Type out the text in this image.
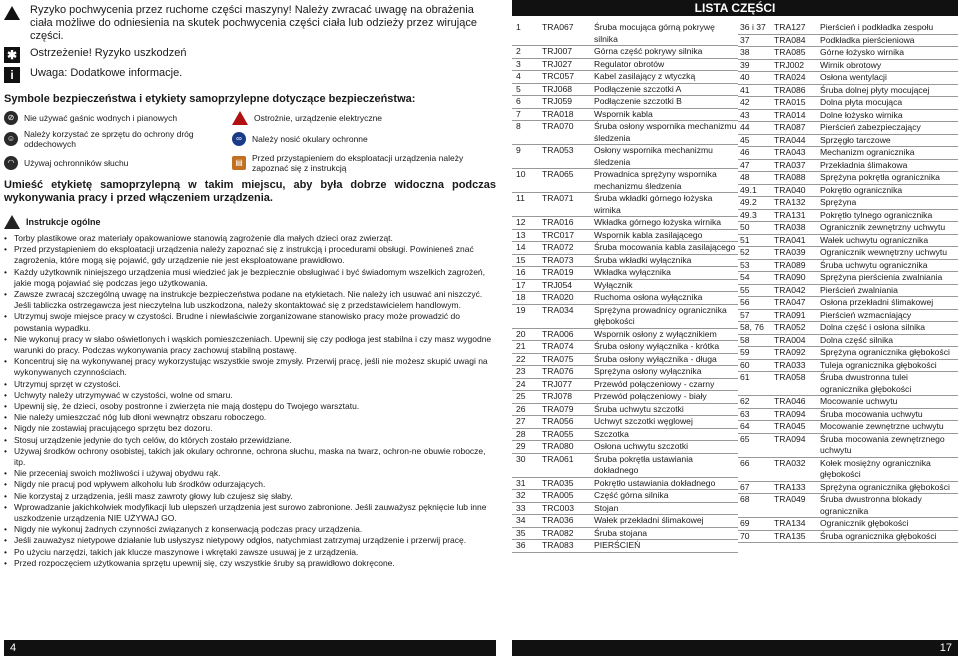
Ryzyko pochwycenia przez ruchome części maszyny! Należy zwracać uwagę na obrażenia ciała możliwe do odniesienia na skutek pochwycenia części ciała lub odzieży przez wirujące części.
✱ Ostrzeżenie! Ryzyko uszkodzeń
i	Uwaga: Dodatkowe informacje.
Symbole bezpieczeństwa i etykiety samoprzylepne dotyczące bezpieczeństwa:
⊘	Nie używać gaśnic wodnych i pianowych	Ostrożnie, urządzenie elektryczne
☺	Należy korzystać ze sprzętu do ochrony dróg oddechowych
∞	Należy nosić okulary ochronne
◠	Używaj ochronników słuchu	▤	Przed przystąpieniem do eksploatacji urządzenia należy zapoznać się z instrukcją

Umieść etykietę samoprzylepną w takim miejscu, aby była dobrze widoczna podczas wykonywania pracy i przed włączeniem urządzenia.

Instrukcje ogólne
• Torby plastikowe oraz materiały opakowaniowe stanowią zagrożenie dla małych dzieci oraz zwierząt.
• Przed przystąpieniem do eksploatacji urządzenia należy zapoznać się z instrukcją i procedurami obsługi. Powinieneś znać zagrożenia, które mogą się pojawić, gdy urządzenie nie jest eksploatowane prawidłowo.
• Każdy użytkownik niniejszego urządzenia musi wiedzieć jak je bezpiecznie obsługiwać i być świadomym wszelkich zagrożeń, jakie mogą pojawiać się podczas jego użytkowania.
• Zawsze zwracaj szczególną uwagę na instrukcje bezpieczeństwa podane na etykietach. Nie należy ich usuwać ani niszczyć. Jeśli tabliczka ostrzegawcza jest nieczytelna lub uszkodzona, należy skontaktować się z przedstawicielem handlowym.
• Utrzymuj swoje miejsce pracy w czystości. Brudne i niewłaściwie zorganizowane stanowisko pracy może prowadzić do powstania wypadku.
• Nie wykonuj pracy w słabo oświetlonych i wąskich pomieszczeniach. Upewnij się czy podłoga jest stabilna i czy masz wygodne warunki do pracy. Podczas wykonywania pracy zachowuj stabilną postawę.
• Koncentruj się na wykonywanej pracy wykorzystując wszystkie swoje zmysły. Przerwij pracę, jeśli nie możesz skupić uwagi na wykonywanych czynnościach.
• Utrzymuj sprzęt w czystości.
• Uchwyty należy utrzymywać w czystości, wolne od smaru.
• Upewnij się, że dzieci, osoby postronne i zwierzęta nie mają dostępu do Twojego warsztatu.
• Nie należy umieszczać nóg lub dłoni wewnątrz obszaru roboczego.
• Nigdy nie zostawiaj pracującego sprzętu bez dozoru.
• Stosuj urządzenie jedynie do tych celów, do których zostało przewidziane.
• Używaj środków ochrony osobistej, takich jak okulary ochronne, ochrona słuchu, maska na twarz, ochron-ne obuwie robocze, itp.
• Nie przeceniaj swoich możliwości i używaj obydwu rąk.
• Nigdy nie pracuj pod wpływem alkoholu lub środków odurzających.
• Nie korzystaj z urządzenia, jeśli masz zawroty głowy lub czujesz się słaby.
• Wprowadzanie jakichkolwiek modyfikacji lub ulepszeń urządzenia jest surowo zabronione. Jeśli zauważysz pęknięcie lub inne uszkodzenie urządzenia NIE UŻYWAJ GO.
• Nigdy nie wykonuj żadnych czynności związanych z konserwacją podczas pracy urządzenia.
• Jeśli zauważysz nietypowe działanie lub usłyszysz nietypowy odgłos, natychmiast zatrzymaj urządzenie i przerwij pracę.
• Po użyciu narzędzi, takich jak klucze maszynowe i wkrętaki zawsze usuwaj je z urządzenia.
• Przed rozpoczęciem użytkowania sprzętu upewnij się, czy wszystkie śruby są prawidłowo dokręcone.
4
LISTA CZĘŚCI
1	TRA067	Śruba mocująca górną pokrywę silnika
2	TRJ007	Górna część pokrywy silnika
3	TRJ027	Regulator obrotów
4	TRC057	Kabel zasilający z wtyczką
5	TRJ068	Podłączenie szczotki A
6	TRJ059	Podłączenie szczotki B
7	TRA018	Wspornik kabla
8	TRA070	Śruba osłony wspornika mechanizmu śledzenia
9	TRA053	Osłony wspornika mechanizmu śledzenia
10	TRA065	Prowadnica sprężyny wspornika mechanizmu śledzenia
11	TRA071	Śruba wkładki górnego łożyska wirnika
12	TRA016	Wkładka górnego łożyska wirnika
13	TRC017	Wspornik kabla zasilającego
14	TRA072	Śruba mocowania kabla zasilającego
15	TRA073	Śruba wkładki wyłącznika
16	TRA019	Wkładka wyłącznika
17	TRJ054	Wyłącznik
18	TRA020	Ruchoma osłona wyłącznika
19	TRA034	Sprężyna prowadnicy ogranicznika głębokości
20	TRA006	Wspornik osłony z wyłącznikiem
21	TRA074	Śruba osłony wyłącznika - krótka
22	TRA075	Śruba osłony wyłącznika - długa
23	TRA076	Sprężyna osłony wyłącznika
24	TRJ077	Przewód połączeniowy - czarny
25	TRJ078	Przewód połączeniowy - biały
26	TRA079	Śruba uchwytu szczotki
27	TRA056	Uchwyt szczotki węglowej
28	TRA055	Szczotka
29	TRA080	Osłona uchwytu szczotki
30	TRA061	Śruba pokrętła ustawiania dokładnego
31	TRA035	Pokrętło ustawiania dokładnego
32	TRA005	Część górna silnika
33	TRC003	Stojan
34	TRA036	Wałek przekładni ślimakowej
35	TRA082	Śruba stojana
36	TRA083	PIERŚCIEŃ
36 i 37 TRA127	Pierścień i podkładka zespołu
37	TRA084	Podkładka pierścieniowa
38	TRA085	Górne łożysko wirnika
39	TRJ002	Wirnik obrotowy
40	TRA024	Osłona wentylacji
41	TRA086	Śruba dolnej płyty mocującej
42	TRA015	Dolna płyta mocująca
43	TRA014	Dolne łożysko wirnika
44	TRA087	Pierścień zabezpieczający
45	TRA044	Sprzęgło tarczowe
46	TRA043	Mechanizm ogranicznika
47	TRA037	Przekładnia ślimakowa
48	TRA088	Sprężyna pokrętła ogranicznika
49.1	TRA040	Pokrętło ogranicznika
49.2	TRA132	Sprężyna
49.3	TRA131	Pokrętło tylnego ogranicznika
50	TRA038	Ogranicznik zewnętrzny uchwytu
51	TRA041	Wałek uchwytu ogranicznika
52	TRA039	Ogranicznik wewnętrzny uchwytu
53	TRA089	Śruba uchwytu ogranicznika
54	TRA090	Sprężyna pierścienia zwalniania
55	TRA042	Pierścień zwalniania
56	TRA047	Osłona przekładni ślimakowej
57	TRA091	Pierścień wzmacniający
58, 76	TRA052	Dolna część i osłona silnika
58	TRA004	Dolna część silnika
59	TRA092	Sprężyna ogranicznika głębokości
60	TRA033	Tuleja ogranicznika głębokości
61	TRA058	Śruba dwustronna tulei ogranicznika głębokości
62	TRA046	Mocowanie uchwytu
63	TRA094	Śruba mocowania uchwytu
64	TRA045	Mocowanie zewnętrzne uchwytu
65	TRA094	Śruba mocowania zewnętrznego uchwytu
66	TRA032	Kołek mosiężny ogranicznika głębokości
67	TRA133	Sprężyna ogranicznika głębokości
68	TRA049	Śruba dwustronna blokady ogranicznika
69	TRA134	Ogranicznik głębokości
70	TRA135	Śruba ogranicznika głębokości
17
